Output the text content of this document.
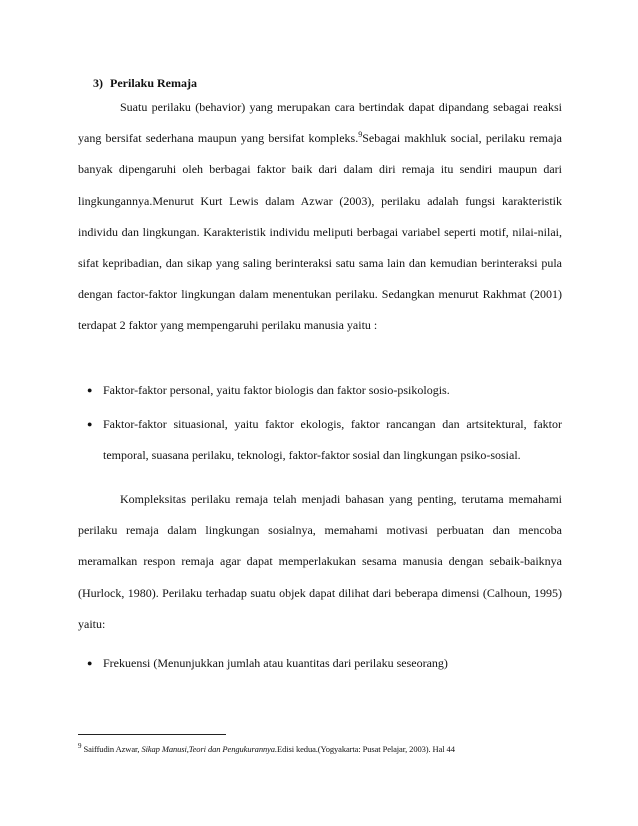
3) Perilaku Remaja

Suatu perilaku (behavior) yang merupakan cara bertindak dapat dipandang sebagai reaksi yang bersifat sederhana maupun yang bersifat kompleks.$^9$Sebagai makhluk social, perilaku remaja banyak dipengaruhi oleh berbagai faktor baik dari dalam diri remaja itu sendiri maupun dari lingkungannya.Menurut Kurt Lewis dalam Azwar (2003), perilaku adalah fungsi karakteristik individu dan lingkungan. Karakteristik individu meliputi berbagai variabel seperti motif, nilai-nilai, sifat kepribadian, dan sikap yang saling berinteraksi satu sama lain dan kemudian berinteraksi pula dengan factor-faktor lingkungan dalam menentukan perilaku. Sedangkan menurut Rakhmat (2001) terdapat 2 faktor yang mempengaruhi perilaku manusia yaitu :

● Faktor-faktor personal, yaitu faktor biologis dan faktor sosio-psikologis.
● Faktor-faktor situasional, yaitu faktor ekologis, faktor rancangan dan artsitektural, faktor temporal, suasana perilaku, teknologi, faktor-faktor sosial dan lingkungan psiko-sosial.

Kompleksitas perilaku remaja telah menjadi bahasan yang penting, terutama memahami perilaku remaja dalam lingkungan sosialnya, memahami motivasi perbuatan dan mencoba meramalkan respon remaja agar dapat memperlakukan sesama manusia dengan sebaik-baiknya (Hurlock, 1980). Perilaku terhadap suatu objek dapat dilihat dari beberapa dimensi (Calhoun, 1995) yaitu:

● Frekuensi (Menunjukkan jumlah atau kuantitas dari perilaku seseorang)
$^9$ Saiffudin Azwar, Sikap Manusi,Teori dan Pengukurannya.Edisi kedua.(Yogyakarta: Pusat Pelajar, 2003). Hal 44
